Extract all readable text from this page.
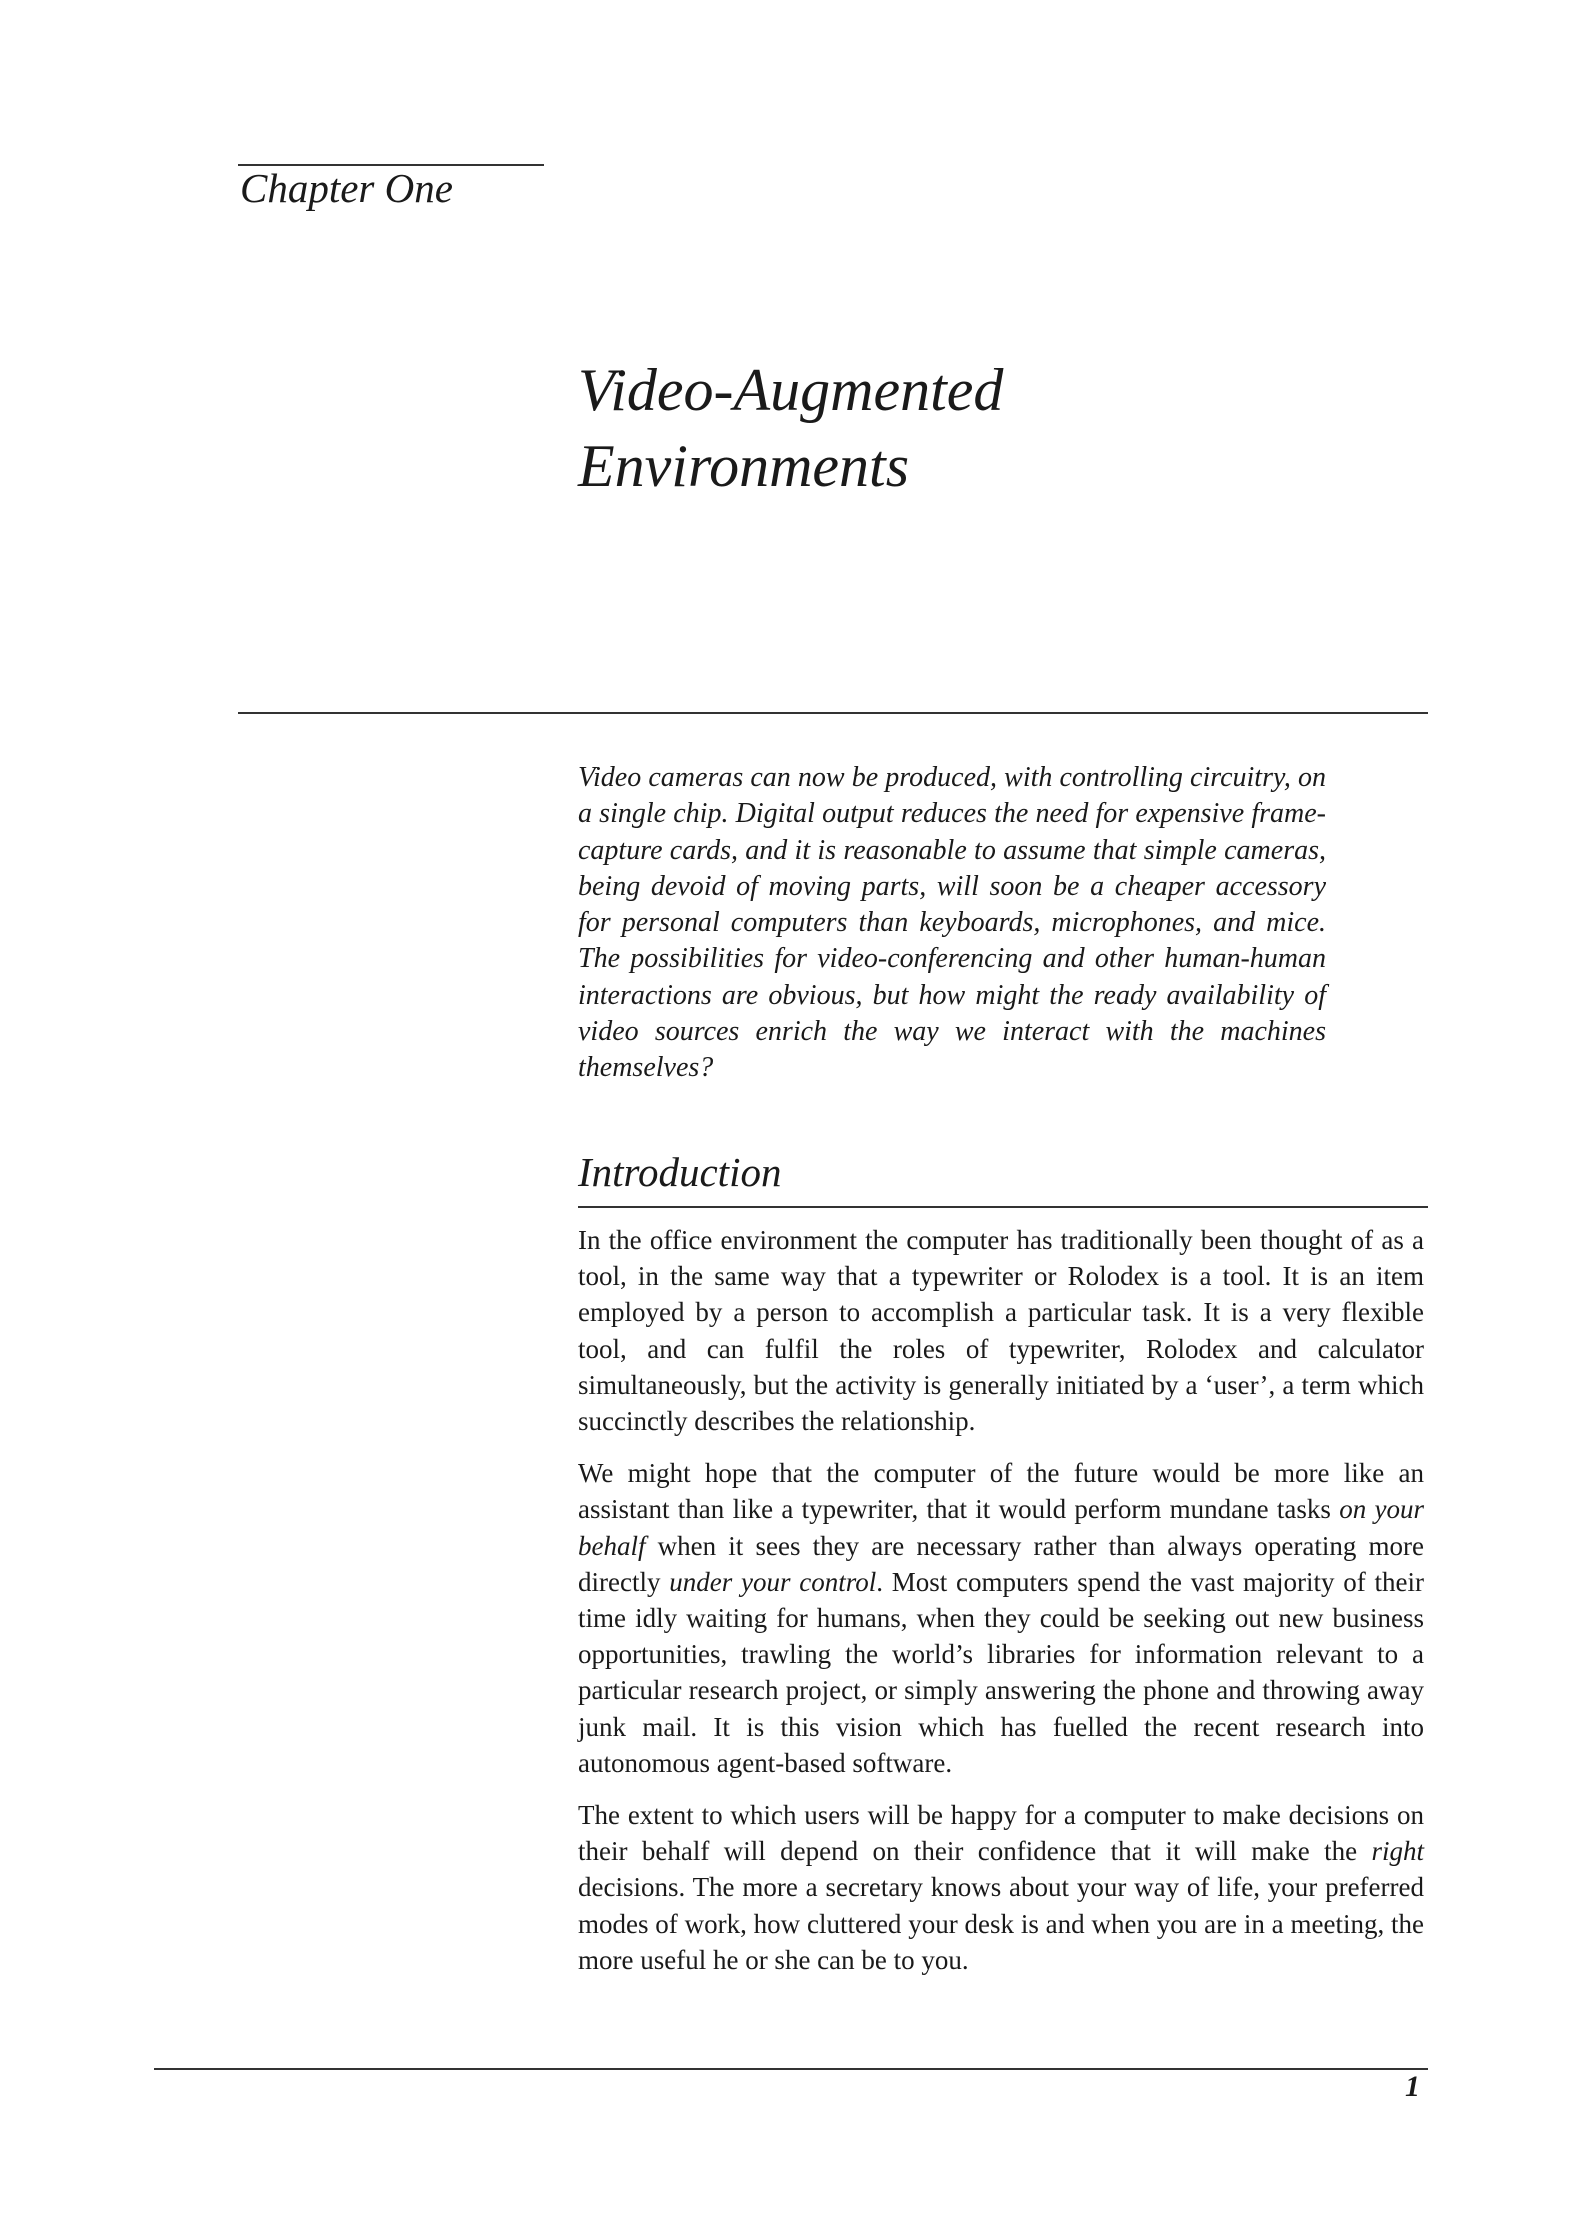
Chapter One
Video-Augmented
Environments

Video cameras can now be produced, with controlling circuitry, on a single chip. Digital output reduces the need for expensive frame-capture cards, and it is reasonable to assume that simple cameras, being devoid of moving parts, will soon be a cheaper accessory for personal computers than keyboards, microphones, and mice. The possibilities for video-conferencing and other human-human interactions are obvious, but how might the ready availability of video sources enrich the way we interact with the machines themselves?

Introduction

In the office environment the computer has traditionally been thought of as a tool, in the same way that a typewriter or Rolodex is a tool. It is an item employed by a person to accomplish a particular task. It is a very flexible tool, and can fulfil the roles of typewriter, Rolodex and calculator simultaneously, but the activity is generally initiated by a ‘user’, a term which succinctly describes the relationship.

We might hope that the computer of the future would be more like an assistant than like a typewriter, that it would perform mundane tasks on your behalf when it sees they are necessary rather than always operating more directly under your control. Most computers spend the vast majority of their time idly waiting for humans, when they could be seeking out new business opportunities, trawling the world’s libraries for information relevant to a particular research project, or simply answering the phone and throwing away junk mail. It is this vision which has fuelled the recent research into autonomous agent-based software.

The extent to which users will be happy for a computer to make decisions on their behalf will depend on their confidence that it will make the right decisions. The more a secretary knows about your way of life, your preferred modes of work, how cluttered your desk is and when you are in a meeting, the more useful he or she can be to you.

1
